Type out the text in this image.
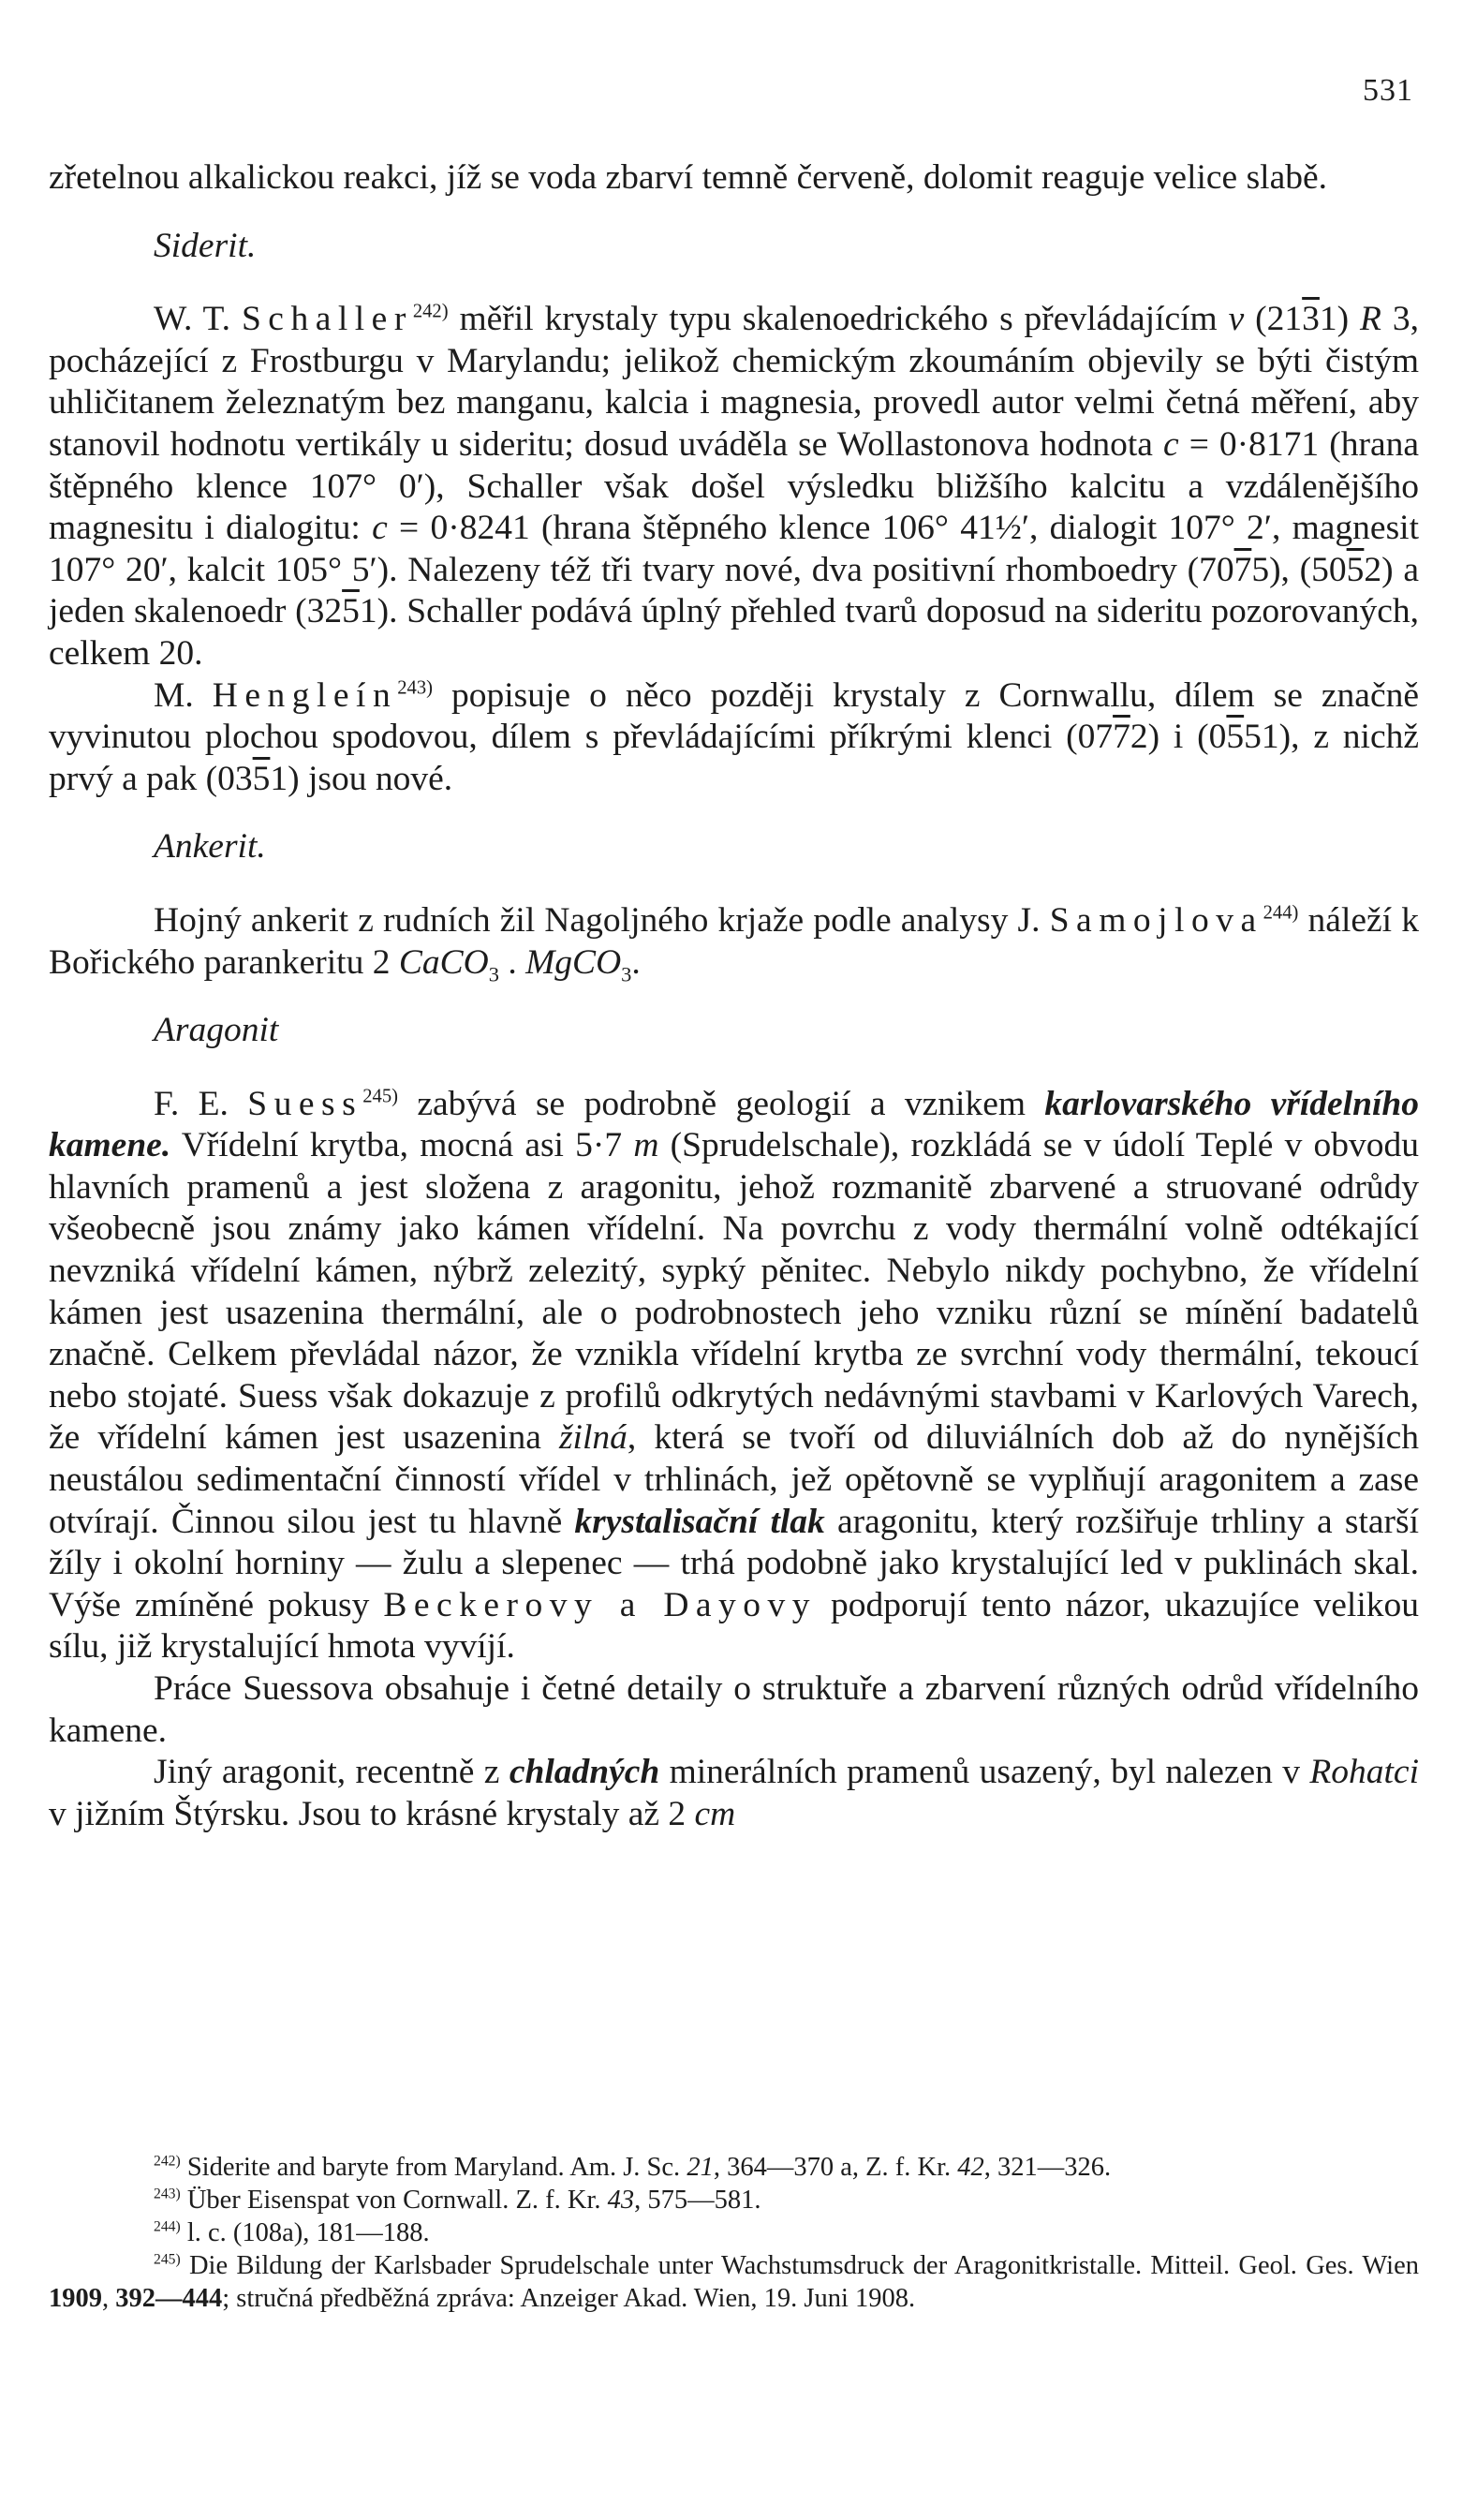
531

zřetelnou alkalickou reakci, jíž se voda zbarví temně červeně, dolomit reaguje velice slabě.

Siderit.

W. T. Schaller$^{242)}$ měřil krystaly typu skalenoedrického s převládajícím v (2131) R 3, pocházející z Frostburgu v Marylandu; jelikož chemickým zkoumáním objevily se býti čistým uhličitanem železnatým bez manganu, kalcia i magnesia, provedl autor velmi četná měření, aby stanovil hodnotu vertikály u sideritu; dosud uváděla se Wollastonova hodnota c = 0·8171 (hrana štěpného klence 107° 0′), Schaller však došel výsledku bližšího kalcitu a vzdálenějšího magnesitu i dialogitu: c = 0·8241 (hrana štěpného klence 106° 41½′, dialogit 107° 2′, magnesit 107° 20′, kalcit 105° 5′). Nalezeny též tři tvary nové, dva positivní rhomboedry (7075), (5052) a jeden skalenoedr (3251). Schaller podává úplný přehled tvarů doposud na sideritu pozorovaných, celkem 20.

M. Hengleín$^{243)}$ popisuje o něco později krystaly z Cornwallu, dílem se značně vyvinutou plochou spodovou, dílem s převládajícími příkrými klenci (0772) i (0551), z nichž prvý a pak (0351) jsou nové.

Ankerit.

Hojný ankerit z rudních žil Nagoljného krjaže podle analysy J. Samojlova$^{244)}$ náleží k Bořického parankeritu 2 CaCO$_3$ . MgCO$_3$.

Aragonit

F. E. Suess$^{245)}$ zabývá se podrobně geologií a vznikem karlovarského vřídelního kamene. Vřídelní krytba, mocná asi 5·7 m (Sprudelschale), rozkládá se v údolí Teplé v obvodu hlavních pramenů a jest složena z aragonitu, jehož rozmanitě zbarvené a struované odrůdy všeobecně jsou známy jako kámen vřídelní. Na povrchu z vody thermální volně odtékající nevzniká vřídelní kámen, nýbrž zelezitý, sypký pěnitec. Nebylo nikdy pochybno, že vřídelní kámen jest usazenina thermální, ale o podrobnostech jeho vzniku různí se mínění badatelů značně. Celkem převládal názor, že vznikla vřídelní krytba ze svrchní vody thermální, tekoucí nebo stojaté. Suess však dokazuje z profilů odkrytých nedávnými stavbami v Karlových Varech, že vřídelní kámen jest usazenina žilná, která se tvoří od diluviálních dob až do nynějších neustálou sedimentační činností vřídel v trhlinách, jež opětovně se vyplňují aragonitem a zase otvírají. Činnou silou jest tu hlavně krystalisační tlak aragonitu, který rozšiřuje trhliny a starší žíly i okolní horniny — žulu a slepenec — trhá podobně jako krystalující led v puklinách skal. Výše zmíněné pokusy Beckerovy a Dayovy podporují tento názor, ukazujíce velikou sílu, již krystalující hmota vyvíjí.

Práce Suessova obsahuje i četné detaily o struktuře a zbarvení různých odrůd vřídelního kamene.

Jiný aragonit, recentně z chladných minerálních pramenů usazený, byl nalezen v Rohatci v jižním Štýrsku. Jsou to krásné krystaly až 2 cm

$^{242)}$ Siderite and baryte from Maryland. Am. J. Sc. 21, 364—370 a, Z. f. Kr. 42, 321—326.

$^{243)}$ Über Eisenspat von Cornwall. Z. f. Kr. 43, 575—581.

$^{244)}$ l. c. (108a), 181—188.

$^{245)}$ Die Bildung der Karlsbader Sprudelschale unter Wachstumsdruck der Aragonitkristalle. Mitteil. Geol. Ges. Wien 1909, 392—444; stručná předběžná zpráva: Anzeiger Akad. Wien, 19. Juni 1908.
